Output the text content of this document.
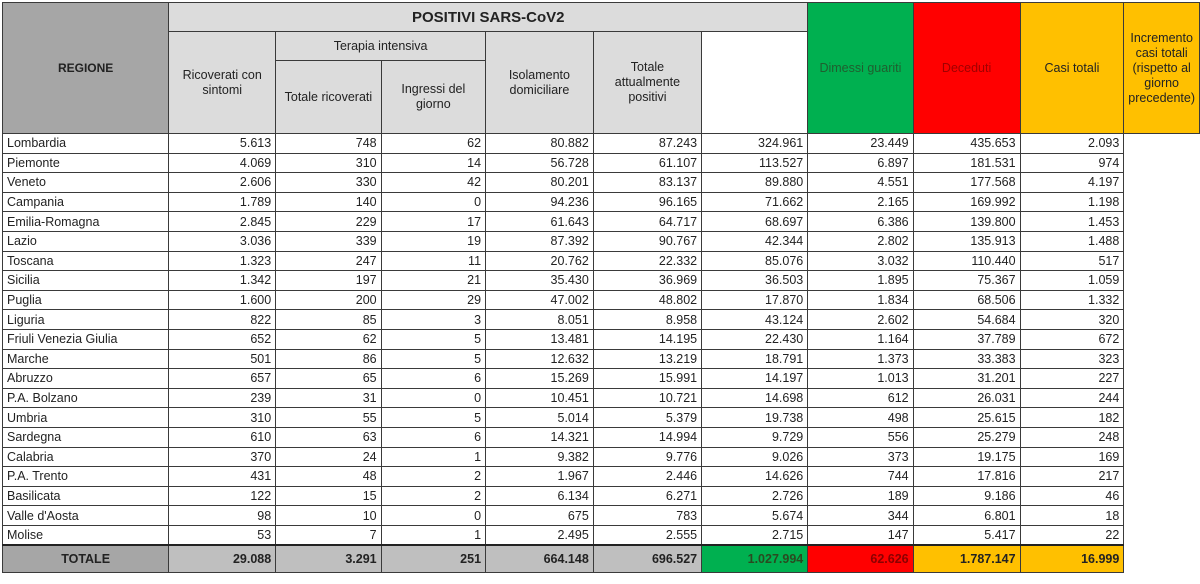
REGIONE	POSITIVI SARS-CoV2						Dimessi guariti	Deceduti	Casi totali	Incremento casi totali (rispetto al giorno precedente)
	Ricoverati con sintomi	Terapia intensiva		Isolamento domiciliare	Totale attualmente positivi					
		Totale ricoverati	Ingressi del giorno							
Lombardia	5.613	748	62	80.882	87.243	324.961	23.449	435.653	2.093	
Piemonte	4.069	310	14	56.728	61.107	113.527	6.897	181.531	974	
Veneto	2.606	330	42	80.201	83.137	89.880	4.551	177.568	4.197	
Campania	1.789	140	0	94.236	96.165	71.662	2.165	169.992	1.198	
Emilia-Romagna	2.845	229	17	61.643	64.717	68.697	6.386	139.800	1.453	
Lazio	3.036	339	19	87.392	90.767	42.344	2.802	135.913	1.488	
Toscana	1.323	247	11	20.762	22.332	85.076	3.032	110.440	517	
Sicilia	1.342	197	21	35.430	36.969	36.503	1.895	75.367	1.059	
Puglia	1.600	200	29	47.002	48.802	17.870	1.834	68.506	1.332	
Liguria	822	85	3	8.051	8.958	43.124	2.602	54.684	320	
Friuli Venezia Giulia	652	62	5	13.481	14.195	22.430	1.164	37.789	672	
Marche	501	86	5	12.632	13.219	18.791	1.373	33.383	323	
Abruzzo	657	65	6	15.269	15.991	14.197	1.013	31.201	227	
P.A. Bolzano	239	31	0	10.451	10.721	14.698	612	26.031	244	
Umbria	310	55	5	5.014	5.379	19.738	498	25.615	182	
Sardegna	610	63	6	14.321	14.994	9.729	556	25.279	248	
Calabria	370	24	1	9.382	9.776	9.026	373	19.175	169	
P.A. Trento	431	48	2	1.967	2.446	14.626	744	17.816	217	
Basilicata	122	15	2	6.134	6.271	2.726	189	9.186	46	
Valle d'Aosta	98	10	0	675	783	5.674	344	6.801	18	
Molise	53	7	1	2.495	2.555	2.715	147	5.417	22	
TOTALE	29.088	3.291	251	664.148	696.527	1.027.994	62.626	1.787.147	16.999	
